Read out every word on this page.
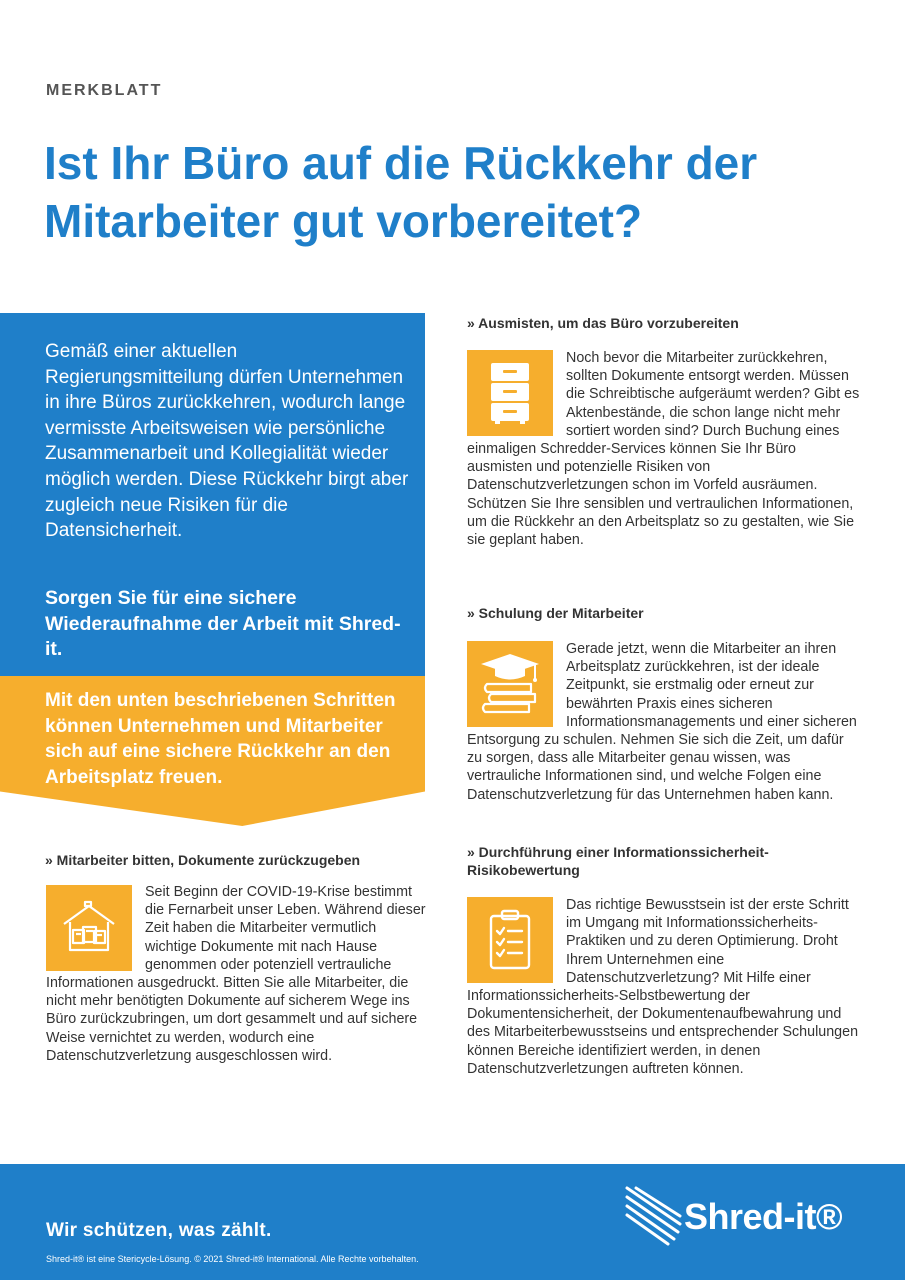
MERKBLATT
Ist Ihr Büro auf die Rückkehr der Mitarbeiter gut vorbereitet?

Gemäß einer aktuellen Regierungsmitteilung dürfen Unternehmen in ihre Büros zurückkehren, wodurch lange vermisste Arbeitsweisen wie persönliche Zusammenarbeit und Kollegialität wieder möglich werden. Diese Rückkehr birgt aber zugleich neue Risiken für die Datensicherheit.

Sorgen Sie für eine sichere Wiederaufnahme der Arbeit mit Shred-it.

Mit den unten beschriebenen Schritten können Unternehmen und Mitarbeiter sich auf eine sichere Rückkehr an den Arbeitsplatz freuen.

» Mitarbeiter bitten, Dokumente zurückzugeben
Seit Beginn der COVID-19-Krise bestimmt die Fernarbeit unser Leben. Während dieser Zeit haben die Mitarbeiter vermutlich wichtige Dokumente mit nach Hause genommen oder potenziell vertrauliche Informationen ausgedruckt. Bitten Sie alle Mitarbeiter, die nicht mehr benötigten Dokumente auf sicherem Wege ins Büro zurückzubringen, um dort gesammelt und auf sichere Weise vernichtet zu werden, wodurch eine Datenschutzverletzung ausgeschlossen wird.
» Ausmisten, um das Büro vorzubereiten
Noch bevor die Mitarbeiter zurückkehren, sollten Dokumente entsorgt werden. Müssen die Schreibtische aufgeräumt werden? Gibt es Aktenbestände, die schon lange nicht mehr sortiert worden sind? Durch Buchung eines einmaligen Schredder-Services können Sie Ihr Büro ausmisten und potenzielle Risiken von Datenschutzverletzungen schon im Vorfeld ausräumen. Schützen Sie Ihre sensiblen und vertraulichen Informationen, um die Rückkehr an den Arbeitsplatz so zu gestalten, wie Sie sie geplant haben.
» Schulung der Mitarbeiter
Gerade jetzt, wenn die Mitarbeiter an ihren Arbeitsplatz zurückkehren, ist der ideale Zeitpunkt, sie erstmalig oder erneut zur bewährten Praxis eines sicheren Informationsmanagements und einer sicheren Entsorgung zu schulen. Nehmen Sie sich die Zeit, um dafür zu sorgen, dass alle Mitarbeiter genau wissen, was vertrauliche Informationen sind, und welche Folgen eine Datenschutzverletzung für das Unternehmen haben kann.
» Durchführung einer Informationssicherheit-Risikobewertung
Das richtige Bewusstsein ist der erste Schritt im Umgang mit Informationssicherheits-Praktiken und zu deren Optimierung. Droht Ihrem Unternehmen eine Datenschutzverletzung? Mit Hilfe einer Informationssicherheits-Selbstbewertung der Dokumentensicherheit, der Dokumentenaufbewahrung und des Mitarbeiterbewusstseins und entsprechender Schulungen können Bereiche identifiziert werden, in denen Datenschutzverletzungen auftreten können.
Wir schützen, was zählt.
Shred-it® ist eine Stericycle-Lösung. © 2021 Shred-it® International. Alle Rechte vorbehalten.
Shred-it®
